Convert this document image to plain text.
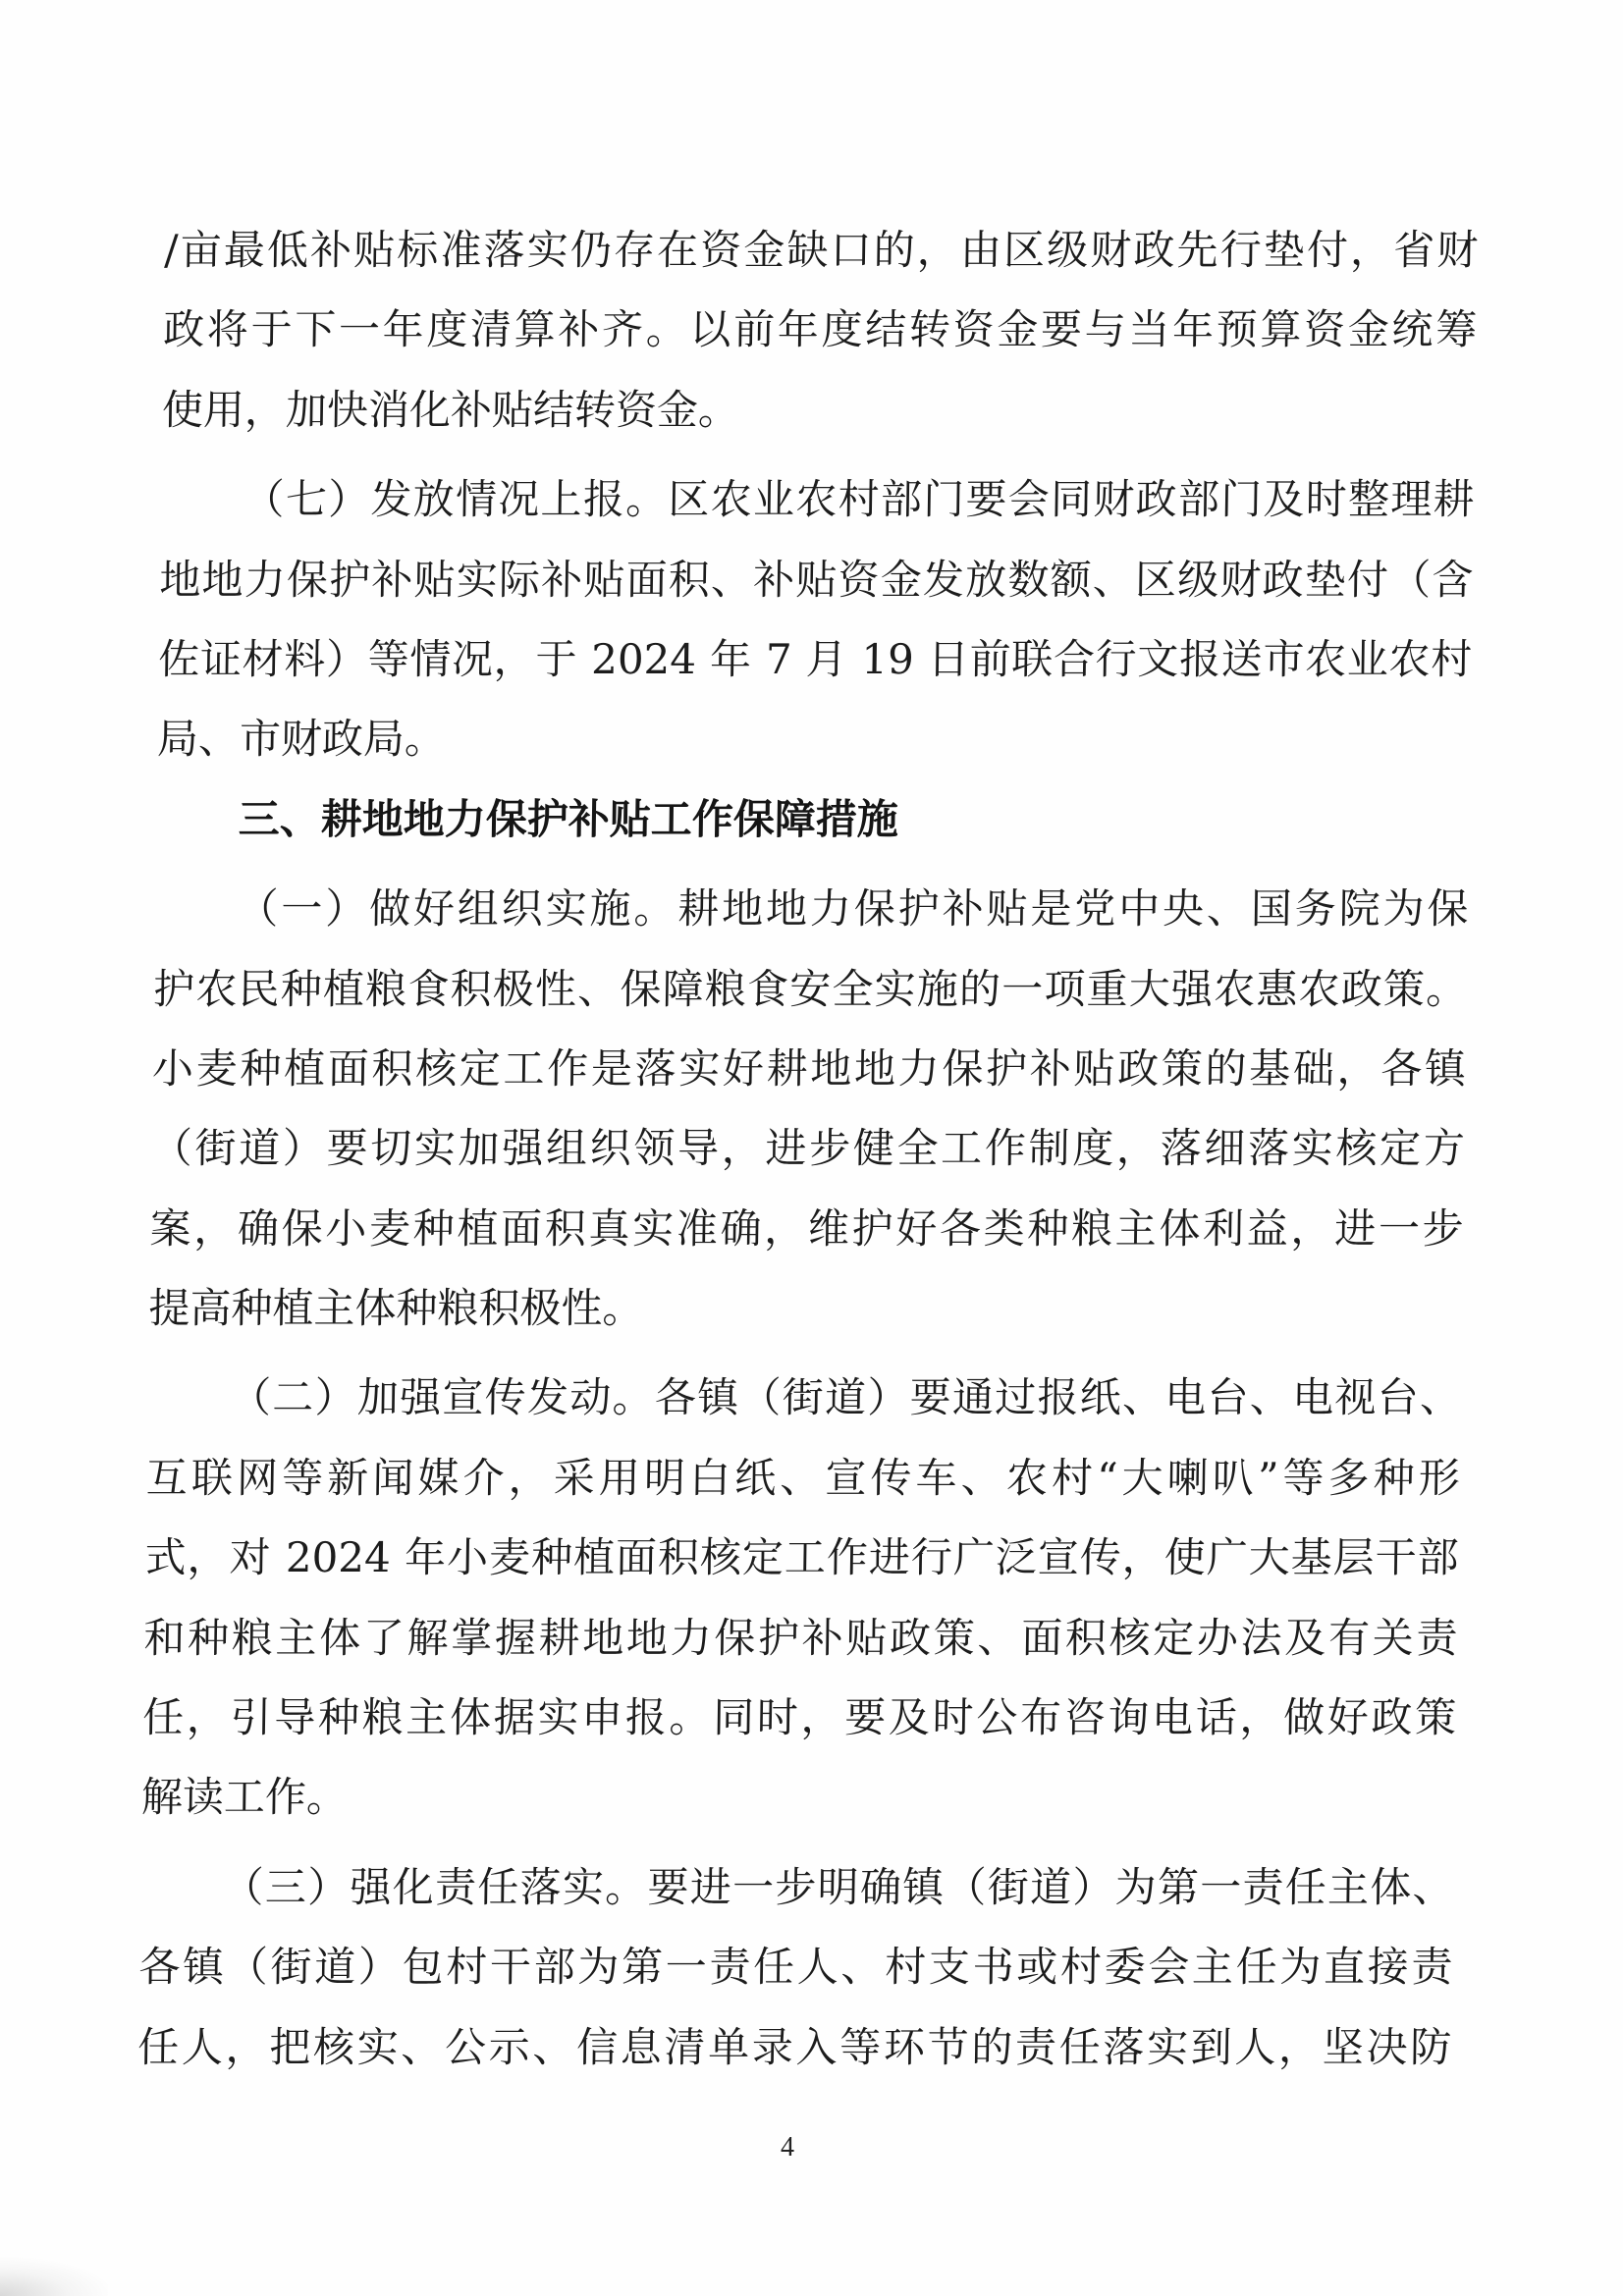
/亩最低补贴标准落实仍存在资金缺口的，由区级财政先行垫付，省财
政将于下一年度清算补齐。以前年度结转资金要与当年预算资金统筹
使用，加快消化补贴结转资金。
（七）发放情况上报。区农业农村部门要会同财政部门及时整理耕
地地力保护补贴实际补贴面积、补贴资金发放数额、区级财政垫付（含
佐证材料）等情况，于 2024 年 7 月 19 日前联合行文报送市农业农村
局、市财政局。
三、耕地地力保护补贴工作保障措施
（一）做好组织实施。耕地地力保护补贴是党中央、国务院为保
护农民种植粮食积极性、保障粮食安全实施的一项重大强农惠农政策。
小麦种植面积核定工作是落实好耕地地力保护补贴政策的基础，各镇
（街道）要切实加强组织领导，进步健全工作制度，落细落实核定方
案，确保小麦种植面积真实准确，维护好各类种粮主体利益，进一步
提高种植主体种粮积极性。
（二）加强宣传发动。各镇（街道）要通过报纸、电台、电视台、
互联网等新闻媒介，采用明白纸、宣传车、农村“大喇叭”等多种形
式，对 2024 年小麦种植面积核定工作进行广泛宣传，使广大基层干部
和种粮主体了解掌握耕地地力保护补贴政策、面积核定办法及有关责
任，引导种粮主体据实申报。同时，要及时公布咨询电话，做好政策
解读工作。
（三）强化责任落实。要进一步明确镇（街道）为第一责任主体、
各镇（街道）包村干部为第一责任人、村支书或村委会主任为直接责
任人，把核实、公示、信息清单录入等环节的责任落实到人，坚决防
4
